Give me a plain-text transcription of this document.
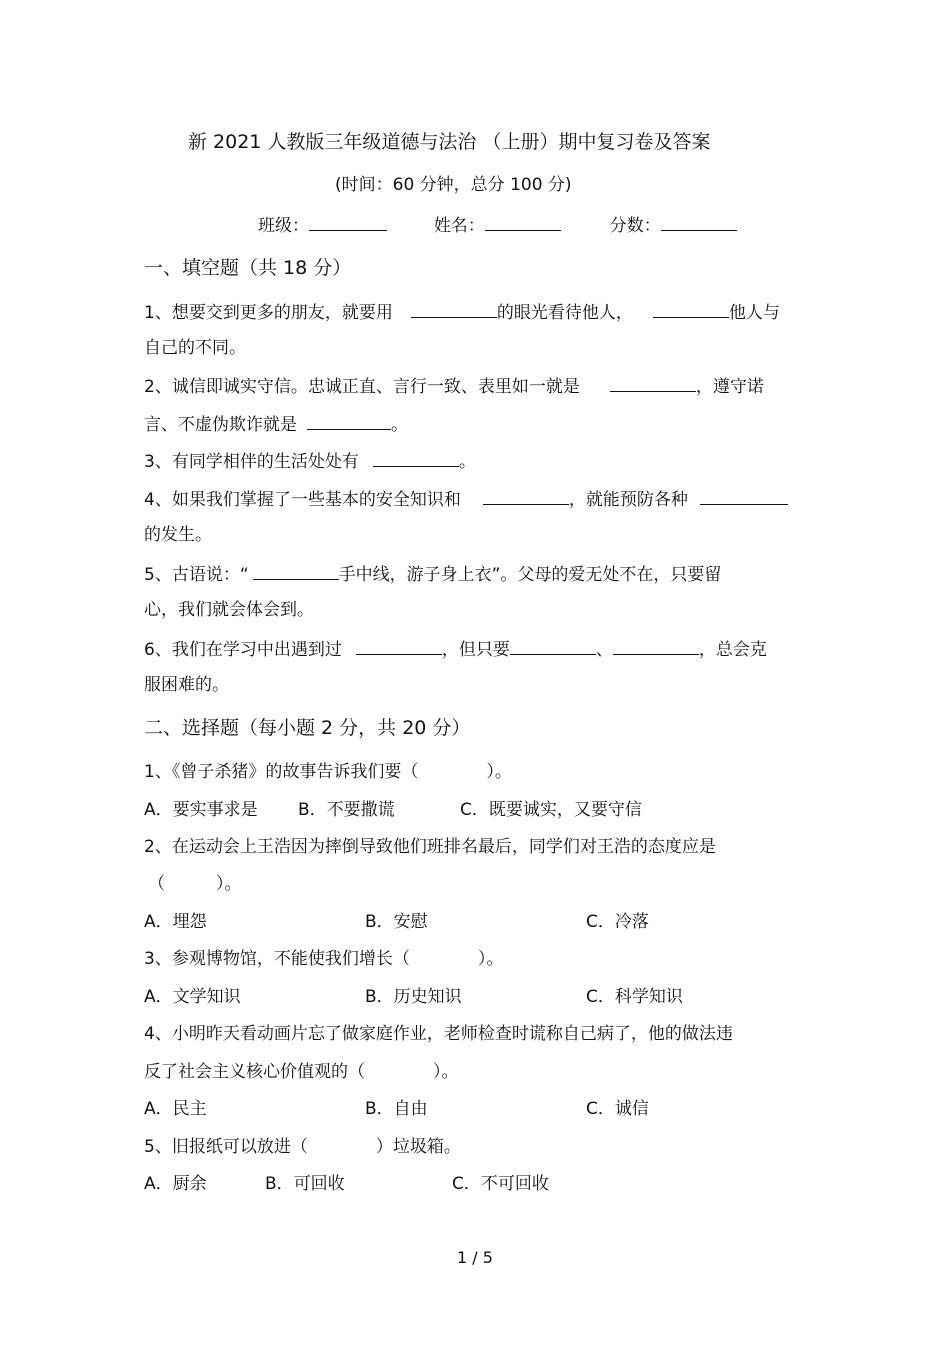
新 2021 人教版三年级道德与法治 （上册）期中复习卷及答案
(时间：60 分钟，总分 100 分)
班级：	姓名：	分数：
一、填空题（共 18 分）
1、想要交到更多的朋友，就要用	的眼光看待他人，	他人与
自己的不同。
2、诚信即诚实守信。忠诚正直、言行一致、表里如一就是	，遵守诺
言、不虚伪欺诈就是	。
3、有同学相伴的生活处处有	。
4、如果我们掌握了一些基本的安全知识和	，就能预防各种
的发生。
5、古语说：“	手中线，游子身上衣”。父母的爱无处不在，只要留
心，我们就会体会到。
6、我们在学习中出遇到过	，但只要	、	，总会克
服困难的。
二、选择题（每小题 2 分，共 20 分）
1、《曾子杀猪》的故事告诉我们要（　　　　）。
A．要实事求是 B．不要撒谎	C．既要诚实，又要守信
2、在运动会上王浩因为摔倒导致他们班排名最后，同学们对王浩的态度应是
（　　　）。
A．埋怨	B．安慰	C．冷落
3、参观博物馆，不能使我们增长（　　　　）。
A．文学知识	B．历史知识	C．科学知识
4、小明昨天看动画片忘了做家庭作业，老师检查时谎称自己病了，他的做法违
反了社会主义核心价值观的（　　　　）。
A．民主	B．自由	C．诚信
5、旧报纸可以放进（　　　　）垃圾箱。
A．厨余	B．可回收	C．不可回收
1 / 5
